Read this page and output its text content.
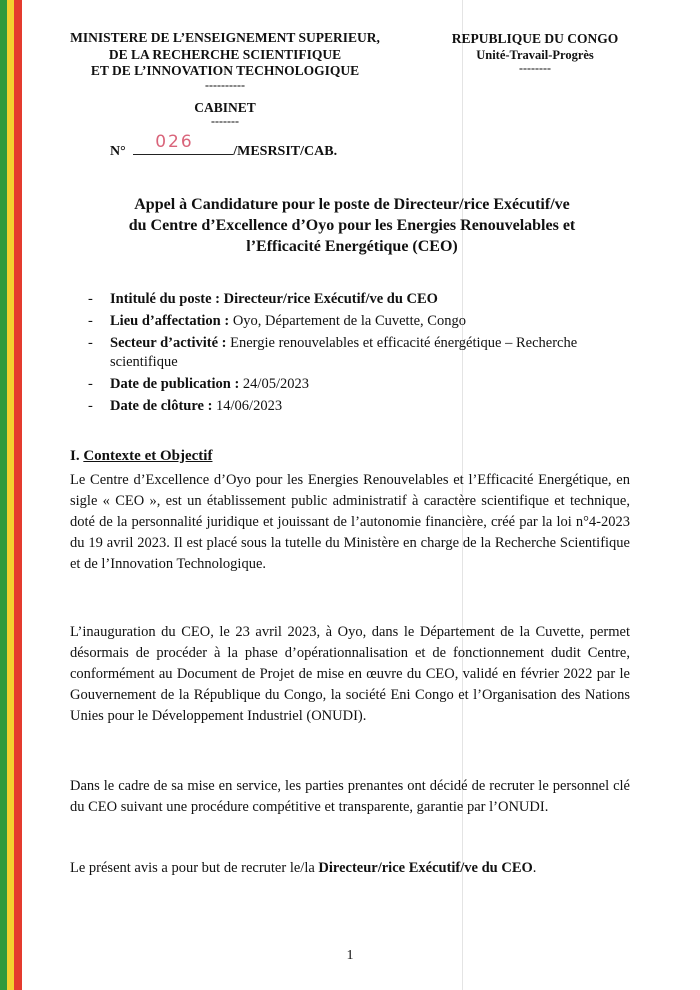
MINISTERE DE L’ENSEIGNEMENT SUPERIEUR,
DE LA RECHERCHE SCIENTIFIQUE
ET DE L’INNOVATION TECHNOLOGIQUE
----------
CABINET
-------
REPUBLIQUE DU CONGO
Unité-Travail-Progrès
--------
N° 026	/MESRSIT/CAB.
Appel à Candidature pour le poste de Directeur/rice Exécutif/ve
du Centre d’Excellence d’Oyo pour les Energies Renouvelables et
l’Efficacité Energétique (CEO)
-	Intitulé du poste : Directeur/rice Exécutif/ve du CEO
-	Lieu d’affectation : Oyo, Département de la Cuvette, Congo
-	Secteur d’activité : Energie renouvelables et efficacité énergétique – Recherche scientifique
-	Date de publication : 24/05/2023
-	Date de clôture : 14/06/2023
I. Contexte et Objectif
Le Centre d’Excellence d’Oyo pour les Energies Renouvelables et l’Efficacité Energétique, en sigle « CEO », est un établissement public administratif à caractère scientifique et technique, doté de la personnalité juridique et jouissant de l’autonomie financière, créé par la loi n°4-2023 du 19 avril 2023. Il est placé sous la tutelle du Ministère en charge de la Recherche Scientifique et de l’Innovation Technologique.
L’inauguration du CEO, le 23 avril 2023, à Oyo, dans le Département de la Cuvette, permet désormais de procéder à la phase d’opérationnalisation et de fonctionnement dudit Centre, conformément au Document de Projet de mise en œuvre du CEO, validé en février 2022 par le Gouvernement de la République du Congo, la société Eni Congo et l’Organisation des Nations Unies pour le Développement Industriel (ONUDI).
Dans le cadre de sa mise en service, les parties prenantes ont décidé de recruter le personnel clé du CEO suivant une procédure compétitive et transparente, garantie par l’ONUDI.
Le présent avis a pour but de recruter le/la Directeur/rice Exécutif/ve du CEO.
1
